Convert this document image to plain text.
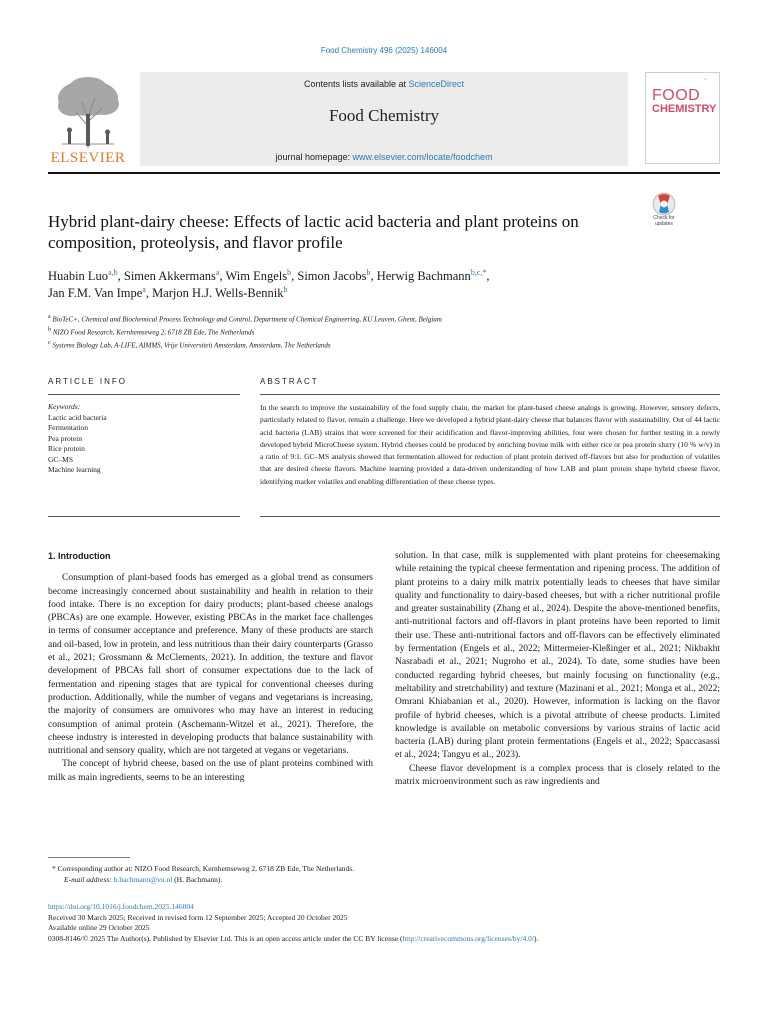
Food Chemistry 496 (2025) 146004
ELSEVIER
Contents lists available at ScienceDirect
Food Chemistry
journal homepage: www.elsevier.com/locate/foodchem
▪▪▪
FOOD
CHEMISTRY
Check for updates
Hybrid plant-dairy cheese: Effects of lactic acid bacteria and plant proteins on composition, proteolysis, and flavor profile
Huabin Luo$^{a,b}$, Simen Akkermans$^a$, Wim Engels$^b$, Simon Jacobs$^b$, Herwig Bachmann$^{b,c,*}$,
Jan F.M. Van Impe$^a$, Marjon H.J. Wells-Bennik$^b$
a BioTeC+, Chemical and Biochemical Process Technology and Control, Department of Chemical Engineering, KU Leuven, Ghent, Belgium
b NIZO Food Research, Kernhemseweg 2, 6718 ZB Ede, The Netherlands
c Systems Biology Lab, A-LIFE, AIMMS, Vrije Universiteit Amsterdam, Amsterdam, The Netherlands
ARTICLE INFO	ABSTRACT
Keywords:
Lactic acid bacteria
Fermentation
Pea protein
Rice protein
GC–MS
Machine learning
In the search to improve the sustainability of the food supply chain, the market for plant-based cheese analogs is growing. However, sensory defects, particularly related to flavor, remain a challenge. Here we developed a hybrid plant-dairy cheese that balances flavor with sustainability. Out of 44 lactic acid bacteria (LAB) strains that were screened for their acidification and flavor-improving abilities, four were chosen for further testing in a newly developed hybrid MicroCheese system. Hybrid cheeses could be produced by enriching bovine milk with either rice or pea protein slurry (10 % w/v) in a ratio of 9:1. GC–MS analysis showed that fermentation allowed for reduction of plant protein derived off-flavors but also for production of volatiles that are desired cheese flavors. Machine learning provided a data-driven understanding of how LAB and plant protein shape hybrid cheese flavor, identifying marker volatiles and enabling differentiation of these cheese types.
1. Introduction

Consumption of plant-based foods has emerged as a global trend as consumers become increasingly concerned about sustainability and health in relation to their food intake. There is no exception for dairy products; plant-based cheese analogs (PBCAs) are one example. However, existing PBCAs in the market face challenges in terms of consumer acceptance and preference. Many of these products are starch and oil-based, low in protein, and less nutritious than their dairy counterparts (Grasso et al., 2021; Grossmann & McClements, 2021). In addition, the texture and flavor development of PBCAs fall short of consumer expectations due to the lack of fermentation and ripening stages that are typical for conventional cheeses during production. Additionally, while the number of vegans and vegetarians is increasing, the majority of consumers are omnivores who may have an interest in reducing consumption of animal protein (Aschemann-Witzel et al., 2021). Therefore, the cheese industry is interested in developing products that balance sustainability with nutritional and sensory quality, which are not targeted at vegans or vegetarians.

The concept of hybrid cheese, based on the use of plant proteins combined with milk as main ingredients, seems to be an interesting

solution. In that case, milk is supplemented with plant proteins for cheesemaking while retaining the typical cheese fermentation and ripening process. The addition of plant proteins to a dairy milk matrix potentially leads to cheeses that have similar quality and functionality to dairy-based cheeses, but with a richer nutritional profile and greater sustainability (Zhang et al., 2024). Despite the above-mentioned benefits, anti-nutritional factors and off-flavors in plant proteins have been reported to limit their use. These anti-nutritional factors and off-flavors can be effectively eliminated by fermentation (Engels et al., 2022; Mittermeier-Kleßinger et al., 2021; Nikbakht Nasrabadi et al., 2021; Nugroho et al., 2024). To date, some studies have been conducted regarding hybrid cheeses, but mainly focusing on functionality (e.g., meltability and stretchability) and texture (Mazinani et al., 2021; Monga et al., 2022; Omrani Khiabanian et al., 2020). However, information is lacking on the flavor profile of hybrid cheeses, which is a pivotal attribute of cheese products. Limited knowledge is available on metabolic conversions by various strains of lactic acid bacteria (LAB) during plant protein fermentations (Engels et al., 2022; Spaccasassi et al., 2024; Tangyu et al., 2023).

Cheese flavor development is a complex process that is closely related to the matrix microenvironment such as raw ingredients and

* Corresponding author at: NIZO Food Research, Kernhemseweg 2, 6718 ZB Ede, The Netherlands.
E-mail address: h.bachmann@vu.nl (H. Bachmann).
https://doi.org/10.1016/j.foodchem.2025.146004
Received 30 March 2025; Received in revised form 12 September 2025; Accepted 20 October 2025
Available online 29 October 2025
0308-8146/© 2025 The Author(s). Published by Elsevier Ltd. This is an open access article under the CC BY license (http://creativecommons.org/licenses/by/4.0/).
